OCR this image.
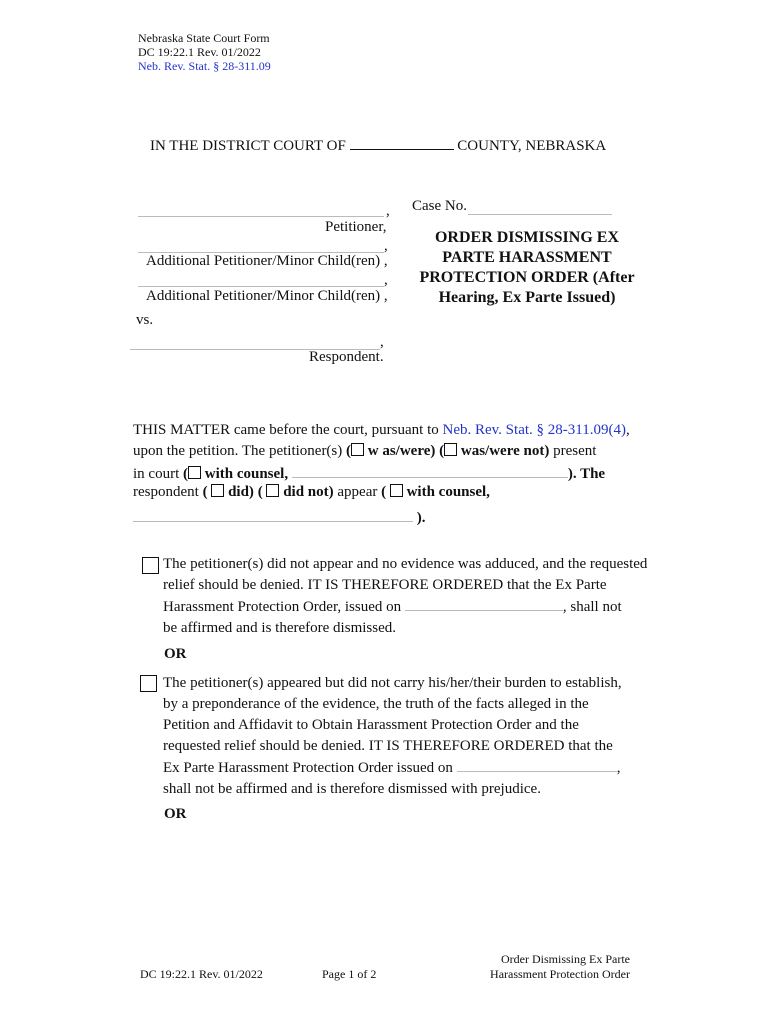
Nebraska State Court Form
DC 19:22.1 Rev. 01/2022
Neb. Rev. Stat. § 28-311.09
IN THE DISTRICT COURT OF	COUNTY, NEBRASKA
,
Petitioner,
,
Additional Petitioner/Minor Child(ren) ,
,
Additional Petitioner/Minor Child(ren) ,
vs.
,
Respondent.
Case No.
ORDER DISMISSING EX PARTE HARASSMENT PROTECTION ORDER (After Hearing, Ex Parte Issued)
THIS MATTER came before the court, pursuant to Neb. Rev. Stat. § 28-311.09(4),
upon the petition. The petitioner(s) ( w as/were) ( was/were not) present
in court ( with counsel,	). The
respondent ( did) ( did not) appear ( with counsel,
).
The petitioner(s) did not appear and no evidence was adduced, and the requested
relief should be denied. IT IS THEREFORE ORDERED that the Ex Parte
Harassment Protection Order, issued on	, shall not
be affirmed and is therefore dismissed.
OR
The petitioner(s) appeared but did not carry his/her/their burden to establish,
by a preponderance of the evidence, the truth of the facts alleged in the
Petition and Affidavit to Obtain Harassment Protection Order and the
requested relief should be denied. IT IS THEREFORE ORDERED that the
Ex Parte Harassment Protection Order issued on	,
shall not be affirmed and is therefore dismissed with prejudice.
OR
DC 19:22.1 Rev. 01/2022	Page 1 of 2
Order Dismissing Ex Parte
Harassment Protection Order
